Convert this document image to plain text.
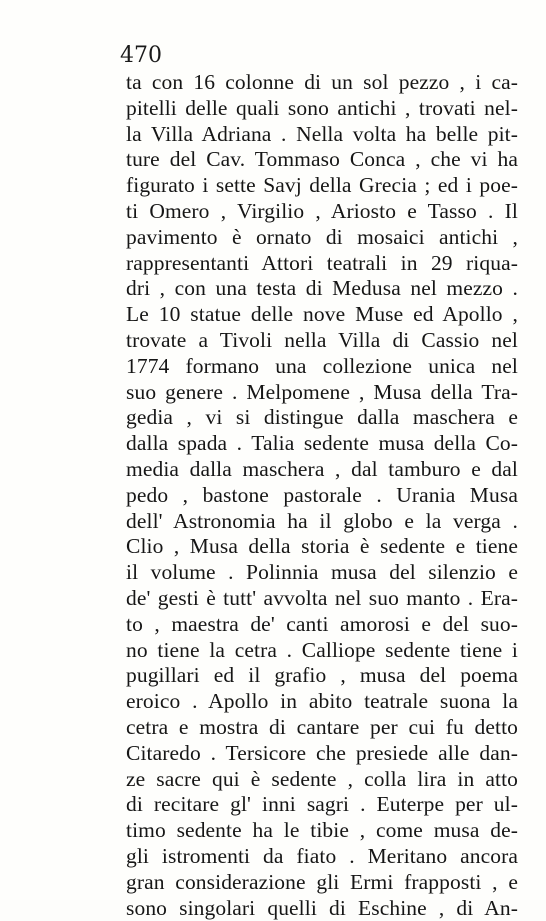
470
ta con 16 colonne di un sol pezzo , i ca-
pitelli delle quali sono antichi , trovati nel-
la Villa Adriana . Nella volta ha belle pit-
ture del Cav. Tommaso Conca , che vi ha
figurato i sette Savj della Grecia ; ed i poe-
ti Omero , Virgilio , Ariosto e Tasso . Il
pavimento è ornato di mosaici antichi ,
rappresentanti Attori teatrali in 29 riqua-
dri , con una testa di Medusa nel mezzo .
Le 10 statue delle nove Muse ed Apollo ,
trovate a Tivoli nella Villa di Cassio nel
1774 formano una collezione unica nel
suo genere . Melpomene , Musa della Tra-
gedia , vi si distingue dalla maschera e
dalla spada . Talia sedente musa della Co-
media dalla maschera , dal tamburo e dal
pedo , bastone pastorale . Urania Musa
dell' Astronomia ha il globo e la verga .
Clio , Musa della storia è sedente e tiene
il volume . Polinnia musa del silenzio e
de' gesti è tutt' avvolta nel suo manto . Era-
to , maestra de' canti amorosi e del suo-
no tiene la cetra . Calliope sedente tiene i
pugillari ed il grafio , musa del poema
eroico . Apollo in abito teatrale suona la
cetra e mostra di cantare per cui fu detto
Citaredo . Tersicore che presiede alle dan-
ze sacre qui è sedente , colla lira in atto
di recitare gl' inni sagri . Euterpe per ul-
timo sedente ha le tibie , come musa de-
gli istromenti da fiato . Meritano ancora
gran considerazione gli Ermi frapposti , e
sono singolari quelli di Eschine , di An-
